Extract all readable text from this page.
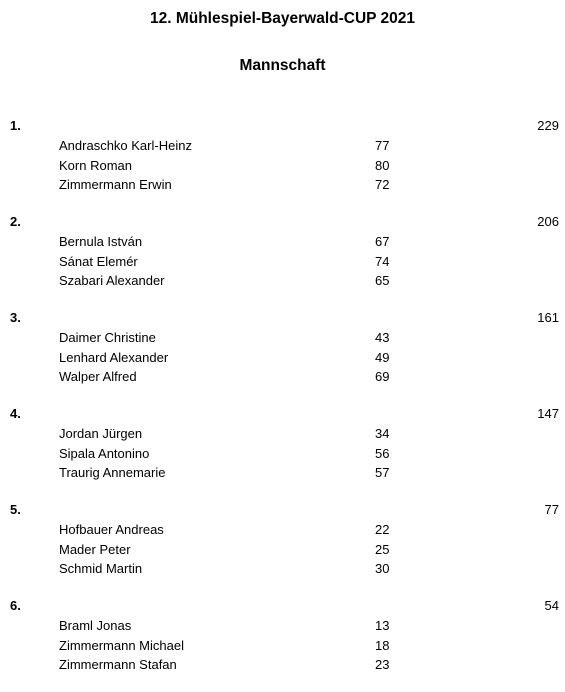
12. Mühlespiel-Bayerwald-CUP 2021
Mannschaft
1.	229
Andraschko Karl-Heinz	77
Korn Roman	80
Zimmermann Erwin	72
2.	206
Bernula István	67
Sánat Elemér	74
Szabari Alexander	65
3.	161
Daimer Christine	43
Lenhard Alexander	49
Walper Alfred	69
4.	147
Jordan Jürgen	34
Sipala Antonino	56
Traurig Annemarie	57
5.	77
Hofbauer Andreas	22
Mader Peter	25
Schmid Martin	30
6.	54
Braml Jonas	13
Zimmermann Michael	18
Zimmermann Stafan	23
